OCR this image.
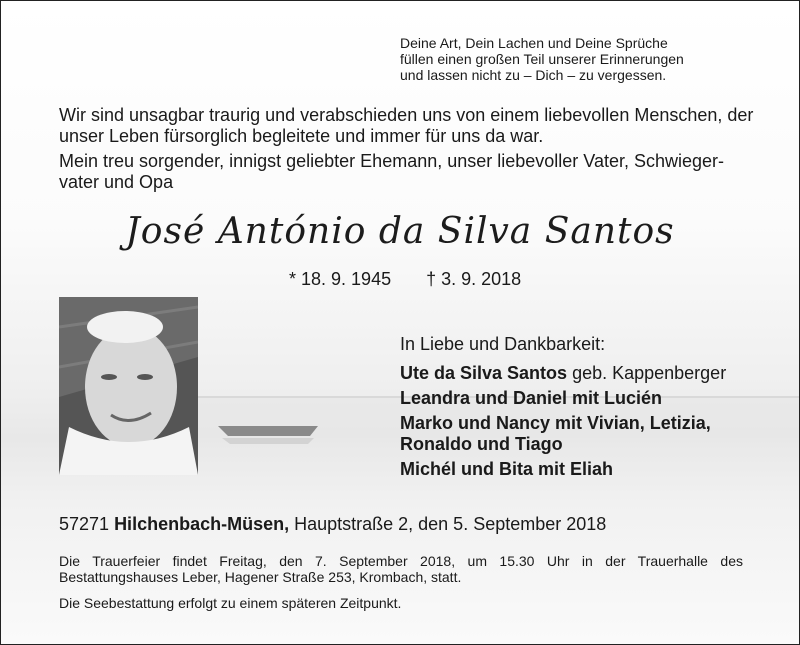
Deine Art, Dein Lachen und Deine Sprüche
füllen einen großen Teil unserer Erinnerungen
und lassen nicht zu – Dich – zu vergessen.

Wir sind unsagbar traurig und verabschieden uns von einem liebevollen Menschen, der unser Leben fürsorglich begleitete und immer für uns da war.

Mein treu sorgender, innigst geliebter Ehemann, unser liebevoller Vater, Schwieger-vater und Opa

José António da Silva Santos
* 18. 9. 1945 † 3. 9. 2018
In Liebe und Dankbarkeit:
Ute da Silva Santos geb. Kappenberger
Leandra und Daniel mit Lucién
Marko und Nancy mit Vivian, Letizia, Ronaldo und Tiago
Michél und Bita mit Eliah
57271 Hilchenbach-Müsen, Hauptstraße 2, den 5. September 2018
Die Trauerfeier findet Freitag, den 7. September 2018, um 15.30 Uhr in der Trauerhalle des Bestattungshauses Leber, Hagener Straße 253, Krombach, statt.
Die Seebestattung erfolgt zu einem späteren Zeitpunkt.
